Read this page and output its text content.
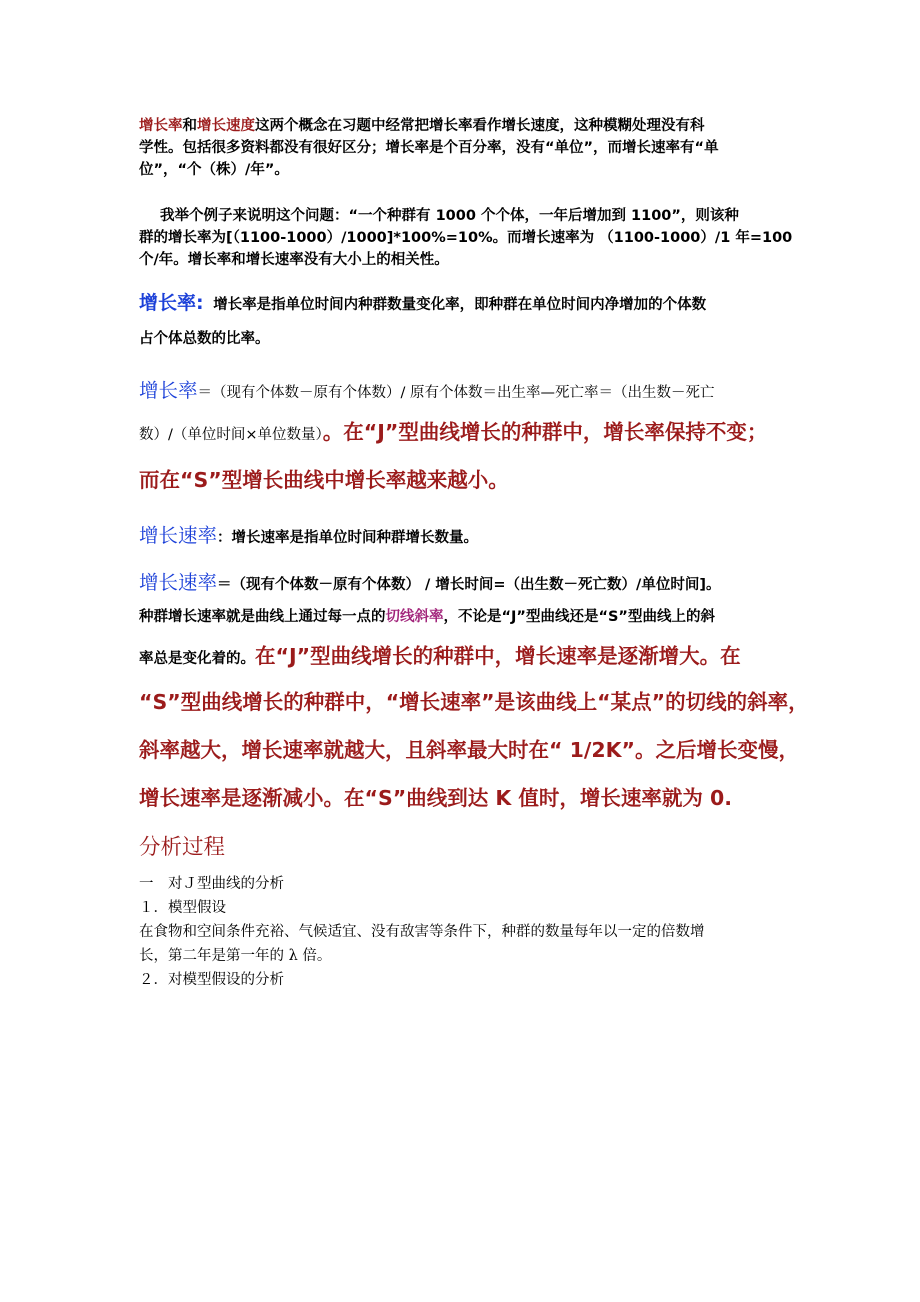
增长率和增长速度这两个概念在习题中经常把增长率看作增长速度，这种模糊处理没有科
学性。包括很多资料都没有很好区分；增长率是个百分率，没有“单位”，而增长速率有“单
位”，“个（株）/年”。
我举个例子来说明这个问题：“一个种群有 1000 个个体，一年后增加到 1100”，则该种
群的增长率为[（1100-1000）/1000]*100%=10%。而增长速率为 （1100-1000）/1 年=100
个/年。增长率和增长速率没有大小上的相关性。
增长率: 增长率是指单位时间内种群数量变化率，即种群在单位时间内净增加的个体数
占个体总数的比率。
增长率＝（现有个体数－原有个体数）/ 原有个体数＝出生率—死亡率＝（出生数－死亡
数）/（单位时间×单位数量）。在“J”型曲线增长的种群中，增长率保持不变；
而在“S”型增长曲线中增长率越来越小。
增长速率：增长速率是指单位时间种群增长数量。
增长速率＝（现有个体数－原有个体数） / 增长时间=（出生数－死亡数）/单位时间]。
种群增长速率就是曲线上通过每一点的切线斜率，不论是“J”型曲线还是“S”型曲线上的斜
率总是变化着的。在“J”型曲线增长的种群中，增长速率是逐渐增大。在
“S”型曲线增长的种群中，“增长速率”是该曲线上“某点”的切线的斜率，
斜率越大，增长速率就越大，且斜率最大时在“ 1/2K”。之后增长变慢，
增长速率是逐渐减小。在“S”曲线到达 K 值时，增长速率就为 0.
分析过程
一　对Ｊ型曲线的分析
１．模型假设
在食物和空间条件充裕、气候适宜、没有敌害等条件下，种群的数量每年以一定的倍数增
长，第二年是第一年的 λ 倍。
２．对模型假设的分析
